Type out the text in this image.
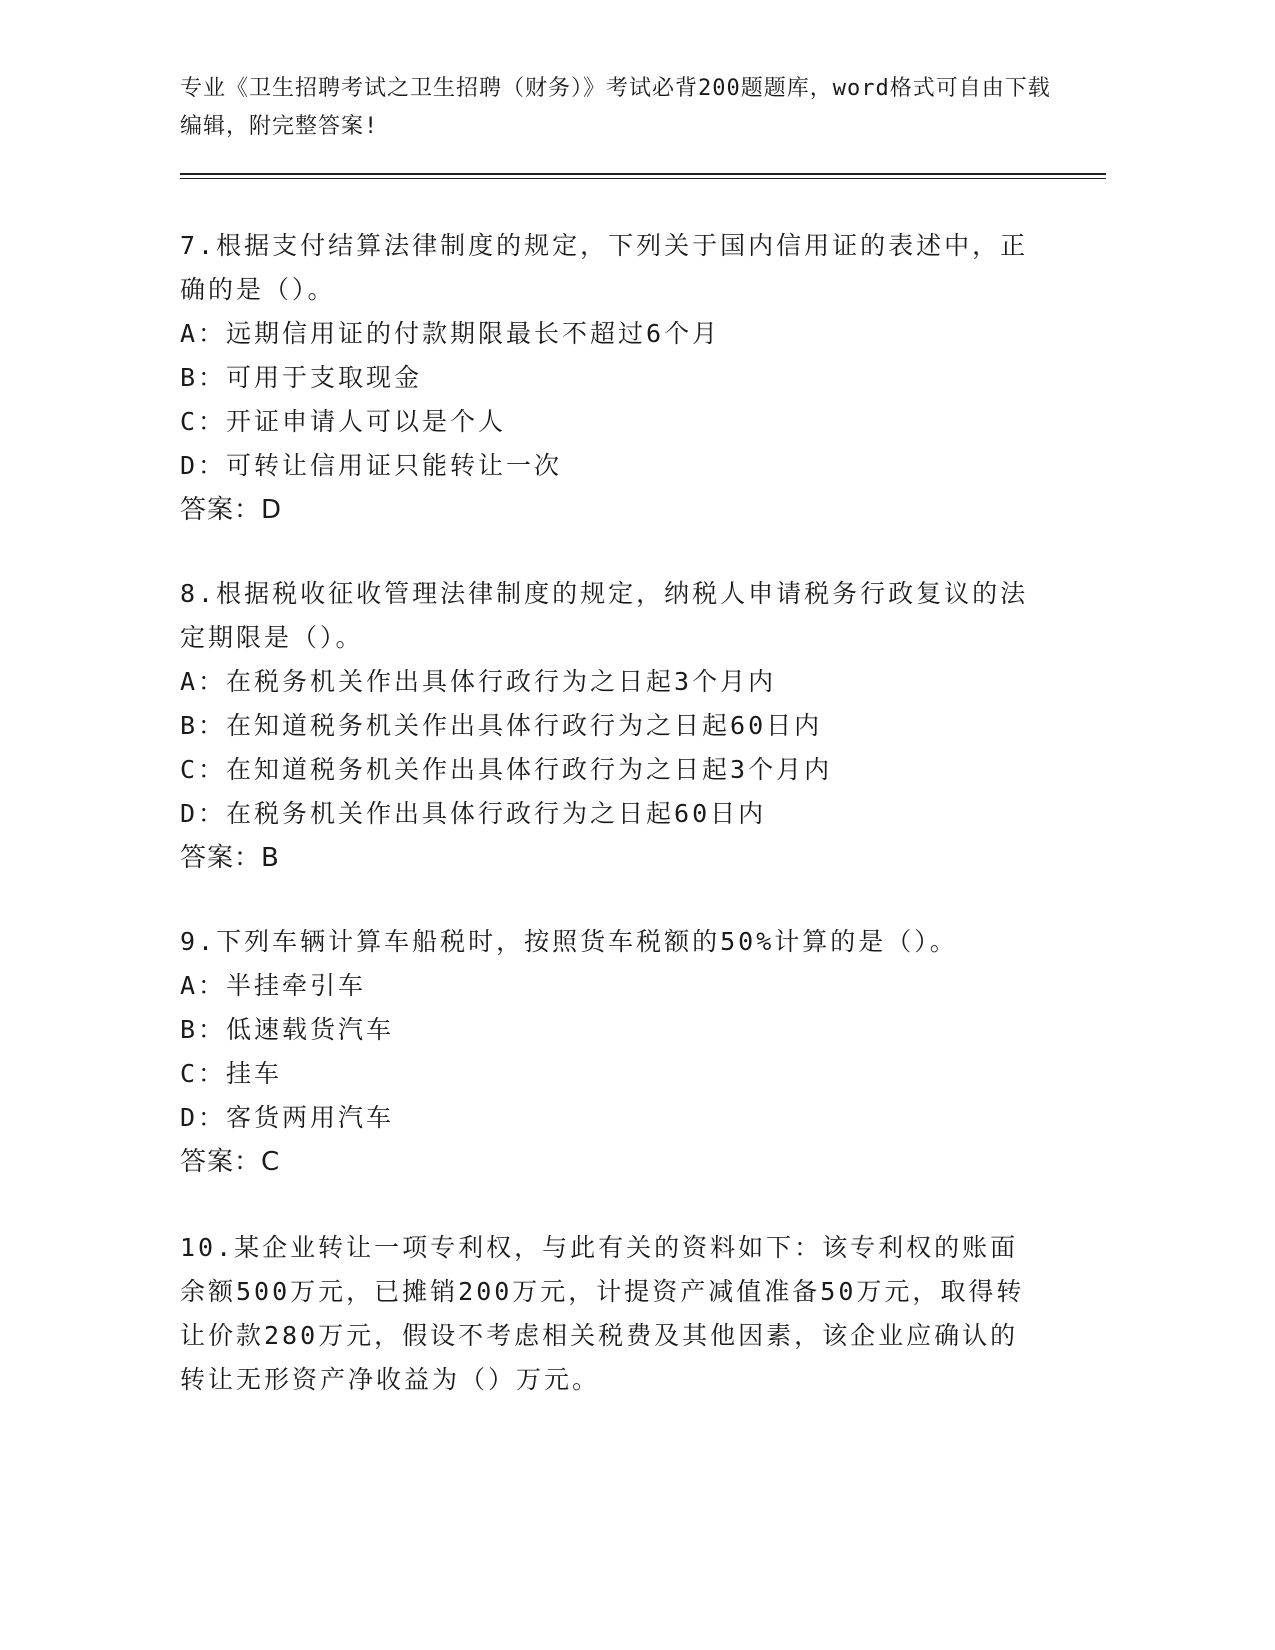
专业《卫生招聘考试之卫生招聘（财务）》考试必背200题题库，word格式可自由下载编辑，附完整答案!
7.根据支付结算法律制度的规定，下列关于国内信用证的表述中，正确的是（）。
A：远期信用证的付款期限最长不超过6个月
B：可用于支取现金
C：开证申请人可以是个人
D：可转让信用证只能转让一次
答案：D
8.根据税收征收管理法律制度的规定，纳税人申请税务行政复议的法定期限是（）。
A：在税务机关作出具体行政行为之日起3个月内
B：在知道税务机关作出具体行政行为之日起60日内
C：在知道税务机关作出具体行政行为之日起3个月内
D：在税务机关作出具体行政行为之日起60日内
答案：B
9.下列车辆计算车船税时，按照货车税额的50%计算的是（）。
A：半挂牵引车
B：低速载货汽车
C：挂车
D：客货两用汽车
答案：C
10.某企业转让一项专利权，与此有关的资料如下：该专利权的账面余额500万元，已摊销200万元，计提资产减值准备50万元，取得转让价款280万元，假设不考虑相关税费及其他因素，该企业应确认的转让无形资产净收益为（）万元。
